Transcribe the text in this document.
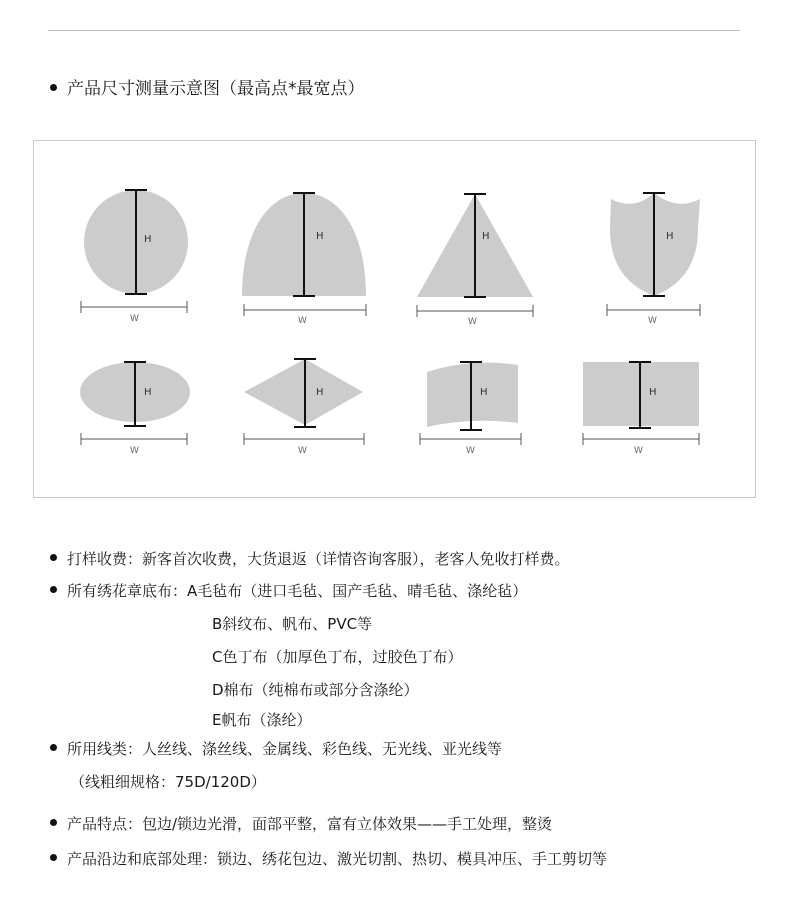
产品尺寸测量示意图（最高点*最宽点）
H
W
H
W
H
W
H
W
H
W
H
W
H
W
H
W
打样收费：新客首次收费，大货退返（详情咨询客服），老客人免收打样费。
所有绣花章底布：A毛毡布（进口毛毡、国产毛毡、晴毛毡、涤纶毡）
B斜纹布、帆布、PVC等
C色丁布（加厚色丁布，过胶色丁布）
D棉布（纯棉布或部分含涤纶）
E帆布（涤纶）
所用线类：人丝线、涤丝线、金属线、彩色线、无光线、亚光线等
（线粗细规格：75D/120D）
产品特点：包边/锁边光滑，面部平整，富有立体效果——手工处理，整烫
产品沿边和底部处理：锁边、绣花包边、激光切割、热切、模具冲压、手工剪切等
